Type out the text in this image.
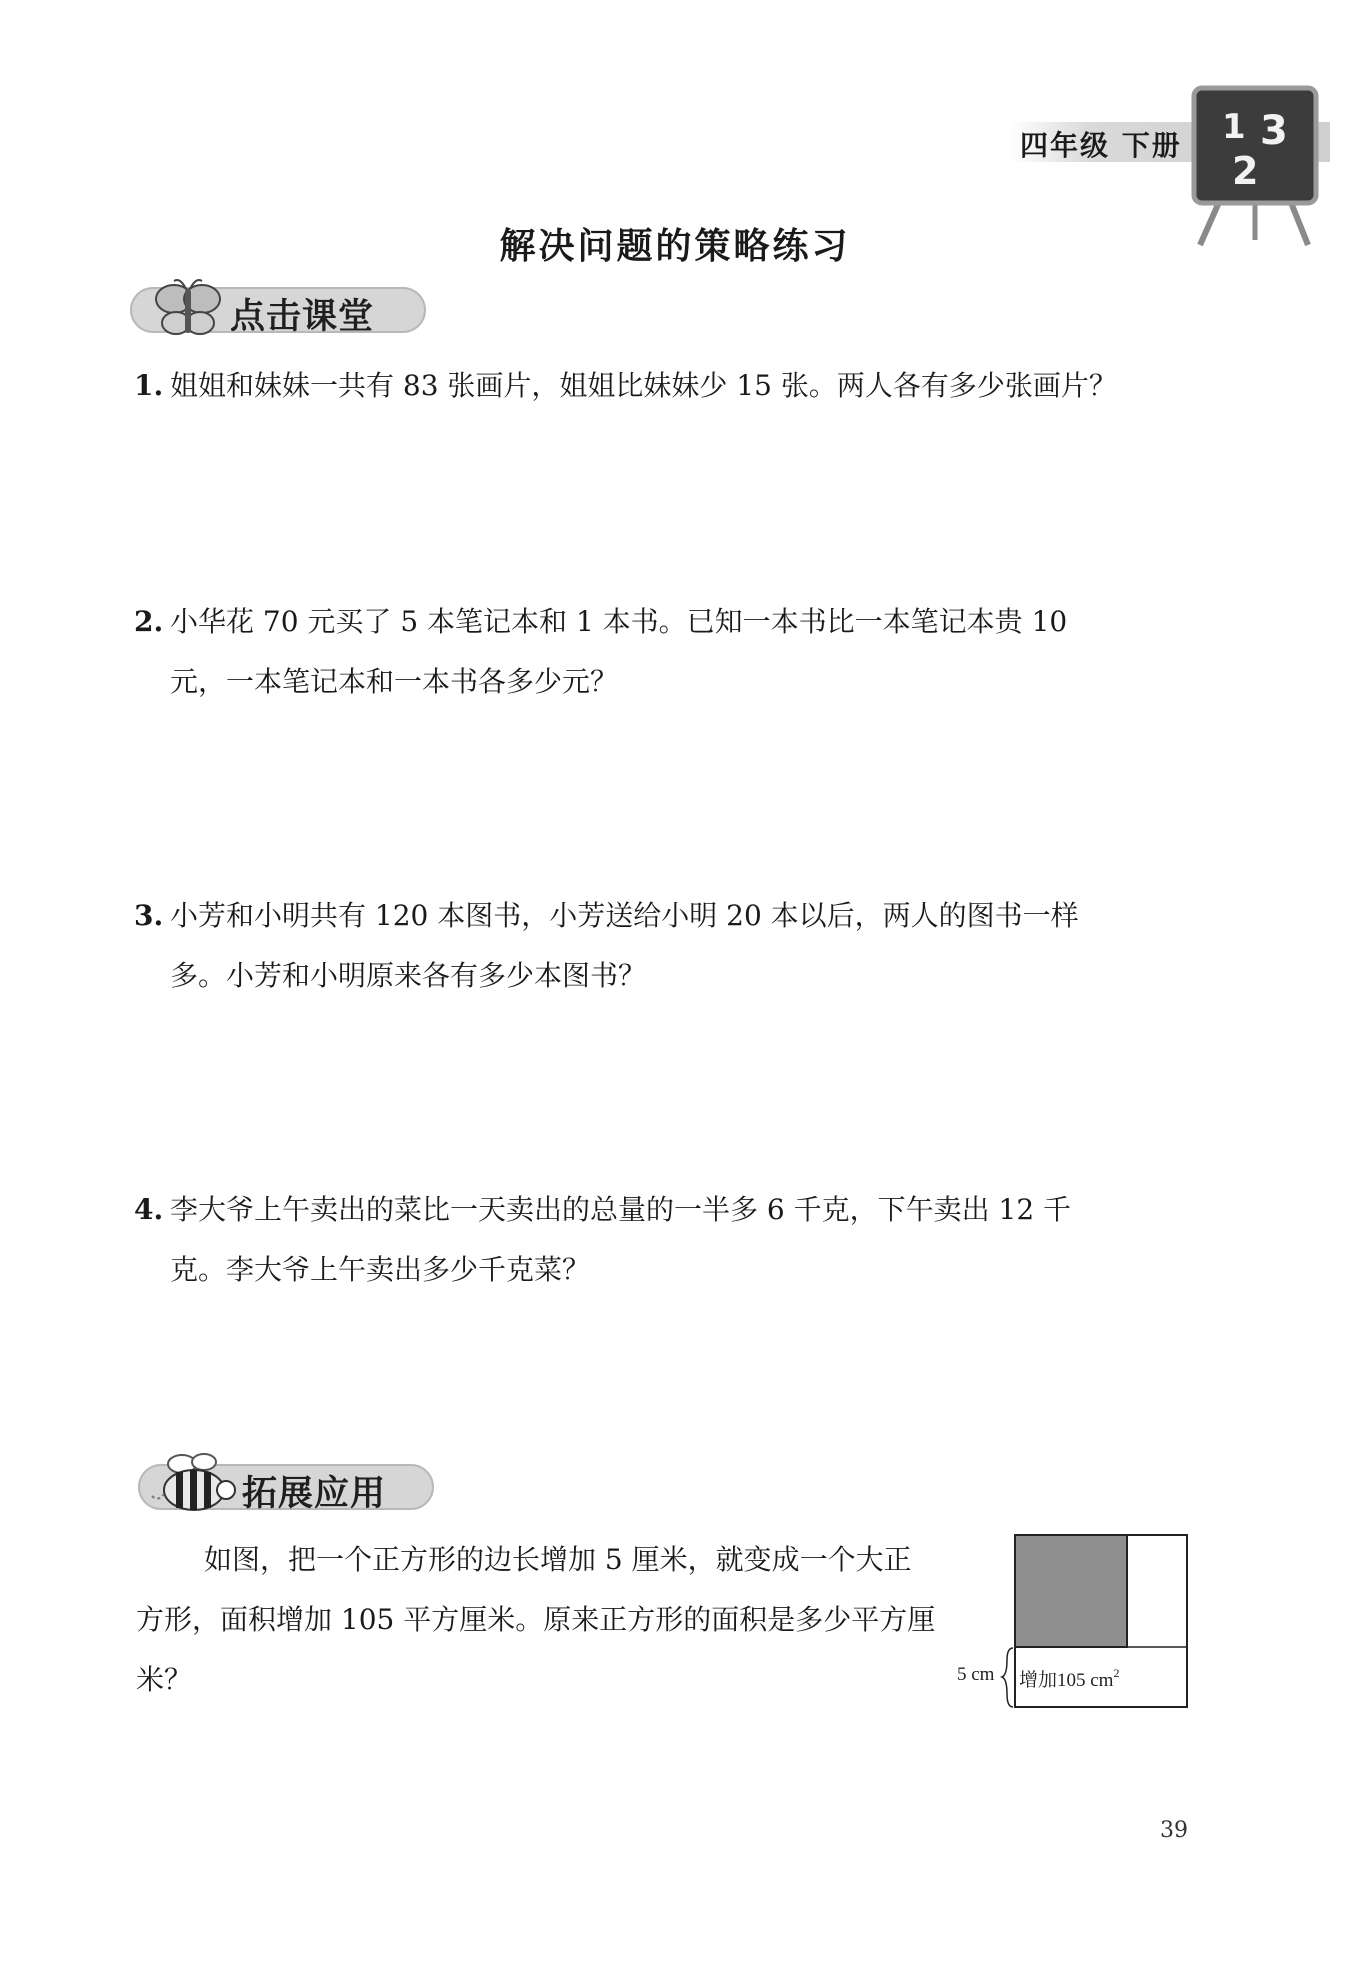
四年级 下册 1 3
2
解决问题的策略练习
点击课堂
1. 姐姐和妹妹一共有 83 张画片，姐姐比妹妹少 15 张。两人各有多少张画片？
2. 小华花 70 元买了 5 本笔记本和 1 本书。已知一本书比一本笔记本贵 10
元，一本笔记本和一本书各多少元？
3. 小芳和小明共有 120 本图书，小芳送给小明 20 本以后，两人的图书一样
多。小芳和小明原来各有多少本图书？
4. 李大爷上午卖出的菜比一天卖出的总量的一半多 6 千克，下午卖出 12 千
克。李大爷上午卖出多少千克菜？
拓展应用
如图，把一个正方形的边长增加 5 厘米，就变成一个大正方形，面积增加 105 平方厘米。原来正方形的面积是多少平方厘米？	5 cm 增加105 $cm^2$
39
